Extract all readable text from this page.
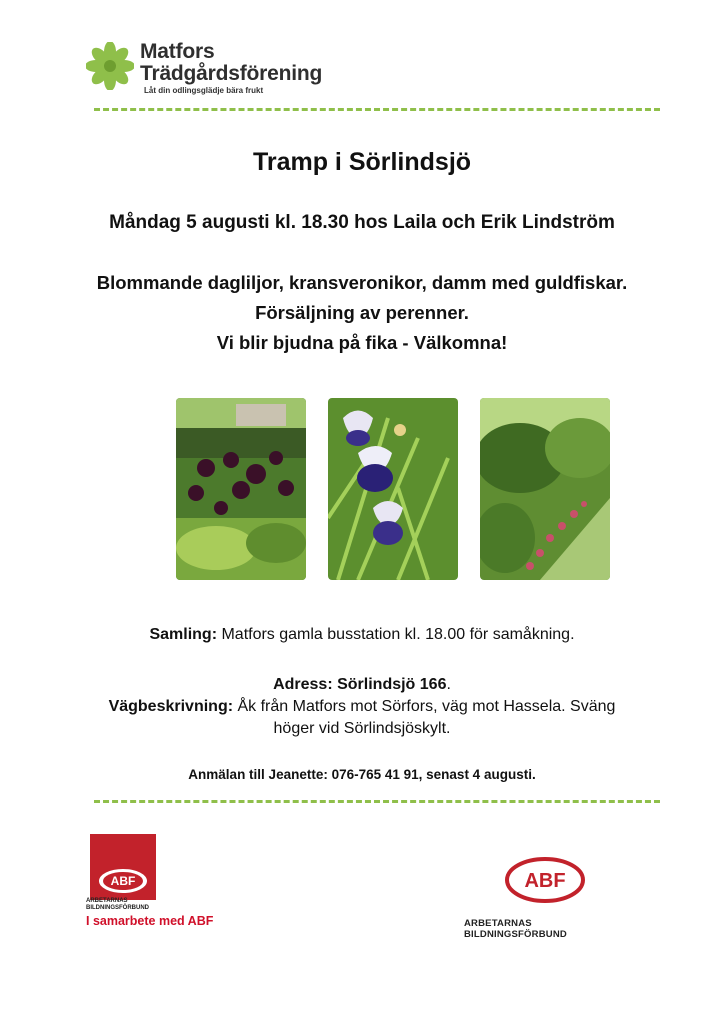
Matfors
Trädgårdsförening
Låt din odlingsglädje bära frukt
Tramp i Sörlindsjö
Måndag 5 augusti kl. 18.30 hos Laila och Erik Lindström
Blommande dagliljor, kransveronikor, damm med guldfiskar.
Försäljning av perenner.
Vi blir bjudna på fika - Välkomna!
Samling: Matfors gamla busstation kl. 18.00 för samåkning.
Adress: Sörlindsjö 166.
Vägbeskrivning: Åk från Matfors mot Sörfors, väg mot Hassela. Sväng
höger vid Sörlindsjöskylt.
Anmälan till Jeanette: 076-765 41 91, senast 4 augusti.
ABF
ARBETARNAS
BILDNINGSFÖRBUND
I samarbete med ABF
ABF
ARBETARNAS BILDNINGSFÖRBUND
